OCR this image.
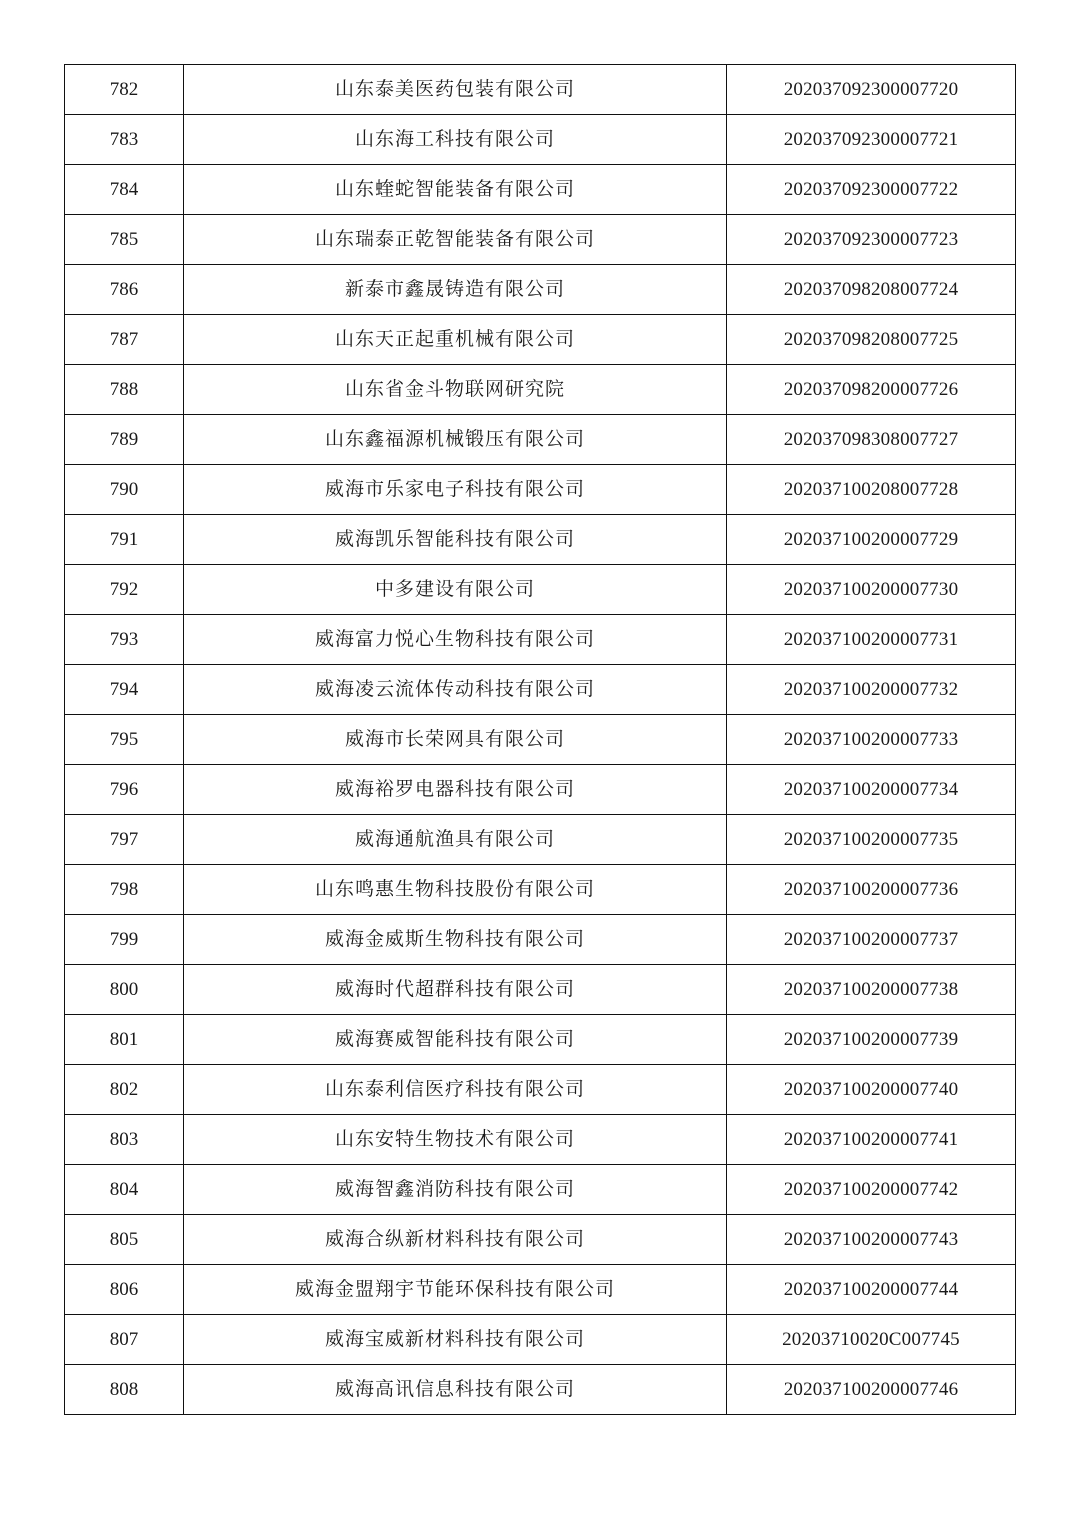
782	山东泰美医药包装有限公司	202037092300007720
783	山东海工科技有限公司	202037092300007721
784	山东蝰蛇智能装备有限公司	202037092300007722
785	山东瑞泰正乾智能装备有限公司	202037092300007723
786	新泰市鑫晟铸造有限公司	202037098208007724
787	山东天正起重机械有限公司	202037098208007725
788	山东省金斗物联网研究院	202037098200007726
789	山东鑫福源机械锻压有限公司	202037098308007727
790	威海市乐家电子科技有限公司	202037100208007728
791	威海凯乐智能科技有限公司	202037100200007729
792	中多建设有限公司	202037100200007730
793	威海富力悦心生物科技有限公司	202037100200007731
794	威海凌云流体传动科技有限公司	202037100200007732
795	威海市长荣网具有限公司	202037100200007733
796	威海裕罗电器科技有限公司	202037100200007734
797	威海通航渔具有限公司	202037100200007735
798	山东鸣惠生物科技股份有限公司	202037100200007736
799	威海金威斯生物科技有限公司	202037100200007737
800	威海时代超群科技有限公司	202037100200007738
801	威海赛威智能科技有限公司	202037100200007739
802	山东泰利信医疗科技有限公司	202037100200007740
803	山东安特生物技术有限公司	202037100200007741
804	威海智鑫消防科技有限公司	202037100200007742
805	威海合纵新材料科技有限公司	202037100200007743
806	威海金盟翔宇节能环保科技有限公司	202037100200007744
807	威海宝威新材料科技有限公司	20203710020C007745
808	威海高讯信息科技有限公司	202037100200007746
